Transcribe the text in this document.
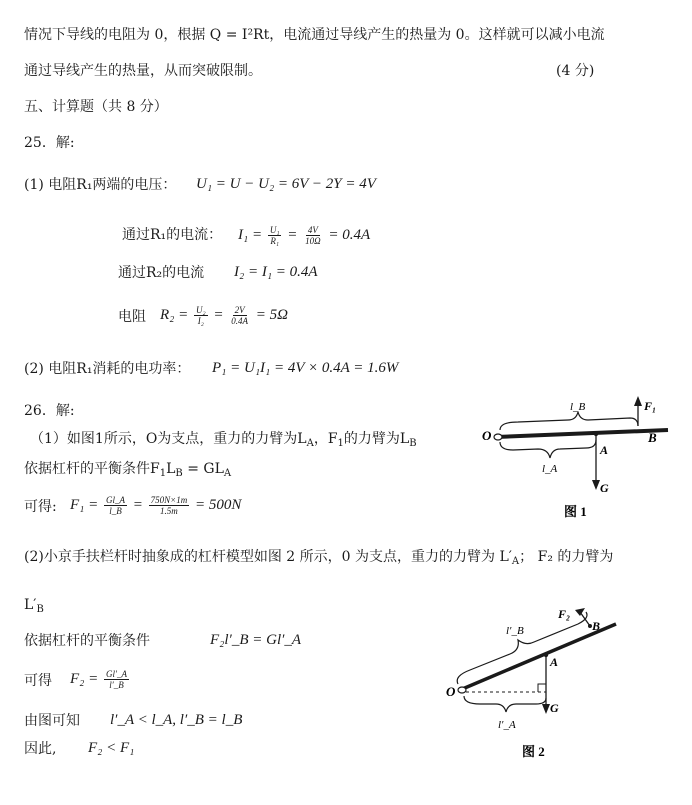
情况下导线的电阻为 0，根据 Q = I²Rt，电流通过导线产生的热量为 0。这样就可以减小电流
通过导线产生的热量，从而突破限制。	(4 分)
五、计算题（共 8 分）
25．解:
(1) 电阻R₁两端的电压： U₁ = U − U₂ = 6V − 2Y = 4V
通过R₁的电流： $I_1 = \frac{\text{U₁}}{\text{R₁}} = \frac{4V}{10\Omega} = 0.4A$
通过R₂的电流 I₂ = I₁ = 0.4A
电阻 $R_2 = \frac{\text{U₂}}{\text{I₂}} = \frac{2V}{0.4A} = 5\Omega$
(2) 电阻R₁消耗的电功率： P₁ = U₁I₁ = 4V × 0.4A = 1.6W
26．解:
（1）如图1所示，O为支点，重力的力臂为$L_A$，$F_1$的力臂为$L_B$
依据杠杆的平衡条件$F_1L_B = GL_A$
可得: $F_1 = \frac{Gl\_A}{l\_B} = \frac{750N\times 1m}{1.5m} = 500N$
(2)小京手扶栏杆时抽象成的杠杆模型如图 2 所示，0 为支点，重力的力臂为 $L'_A$； F₂ 的力臂为
$L'_B$
依据杠杆的平衡条件	F₂l′_B = Gl′_A
可得 $F_2 = \frac{Gl'\_A}{l'\_B}$
由图可知 l′_A < l_A, l′_B = l_B
因此, F₂ < F₁
O	B
A
F₁
G
l_B
l_A
图 1
O
A
B
F₂
G
l′_B
l′_A
图 2
